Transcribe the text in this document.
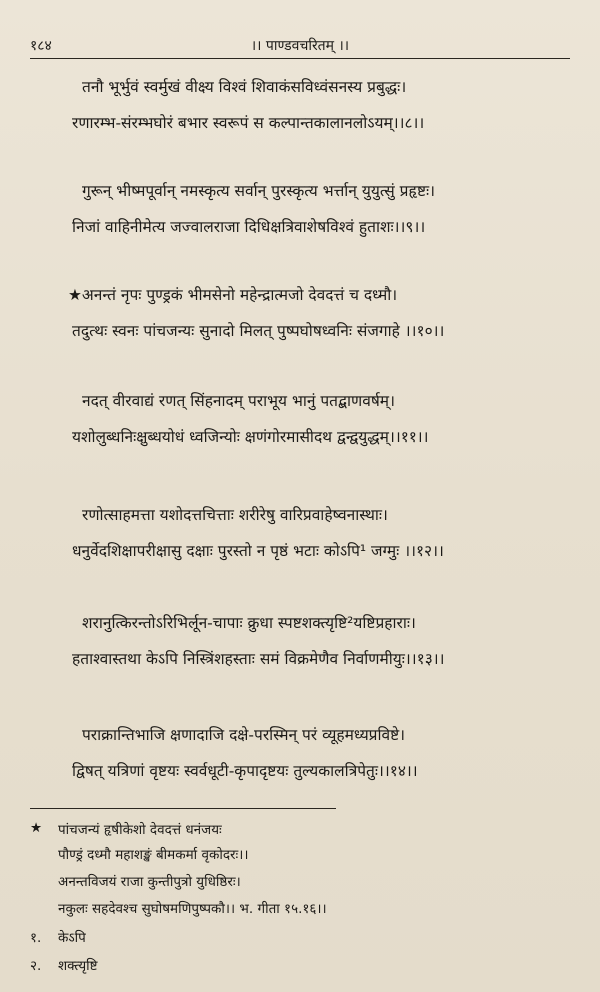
१८४	।। पाण्डवचरितम् ।।
तनौ भूर्भुवं स्वर्मुखं वीक्ष्य विश्वं शिवाकंसविध्वंसनस्य प्रबुद्धः।
रणारम्भ-संरम्भघोरं बभार स्वरूपं स कल्पान्तकालानलोऽयम्।।८।।
गुरून् भीष्मपूर्वान् नमस्कृत्य सर्वान् पुरस्कृत्य भर्त्तान् युयुत्सुं प्रहृष्टः।
निजां वाहिनीमेत्य जज्वालराजा दिधिक्षत्रिवाशेषविश्वं हुताशः।।९।।
★अनन्तं नृपः पुण्ड्रकं भीमसेनो महेन्द्रात्मजो देवदत्तं च दध्मौ।
तदुत्थः स्वनः पांचजन्यः सुनादो मिलत् पुष्पघोषध्वनिः संजगाहे ।।१०।।
नदत् वीरवाद्यं रणत् सिंहनादम् पराभूय भानुं पतद्बाणवर्षम्।
यशोलुब्धनिःक्षुब्धयोधं ध्वजिन्योः क्षणंगोरमासीदथ द्वन्द्वयुद्धम्।।११।।
रणोत्साहमत्ता यशोदत्तचित्ताः शरीरेषु वारिप्रवाहेष्वनास्थाः।
धनुर्वेदशिक्षापरीक्षासु दक्षाः पुरस्तो न पृष्ठं भटाः कोऽपि¹ जग्मुः ।।१२।।
शरानुत्किरन्तोऽरिभिर्लून-चापाः क्रुधा स्पष्टशक्त्यृष्टि²यष्टिप्रहाराः।
हताश्वास्तथा केऽपि निस्त्रिंशहस्ताः समं विक्रमेणैव निर्वाणमीयुः।।१३।।
पराक्रान्तिभाजि क्षणादाजि दक्षे-परस्मिन् परं व्यूहमध्यप्रविष्टे।
द्विषत् यत्रिणां वृष्टयः स्वर्वधूटी-कृपादृष्टयः तुल्यकालत्रिपेतुः।।१४।।
★	पांचजन्यं हृषीकेशो देवदत्तं धनंजयः
पौण्ड्रं दध्मौ महाशङ्खं बीमकर्मा वृकोदरः।।
अनन्तविजयं राजा कुन्तीपुत्रो युधिष्ठिरः।
नकुलः सहदेवश्च सुघोषमणिपुष्पकौ।। भ. गीता १५.१६।।
१.	केऽपि
२.	शक्त्यृष्टि
